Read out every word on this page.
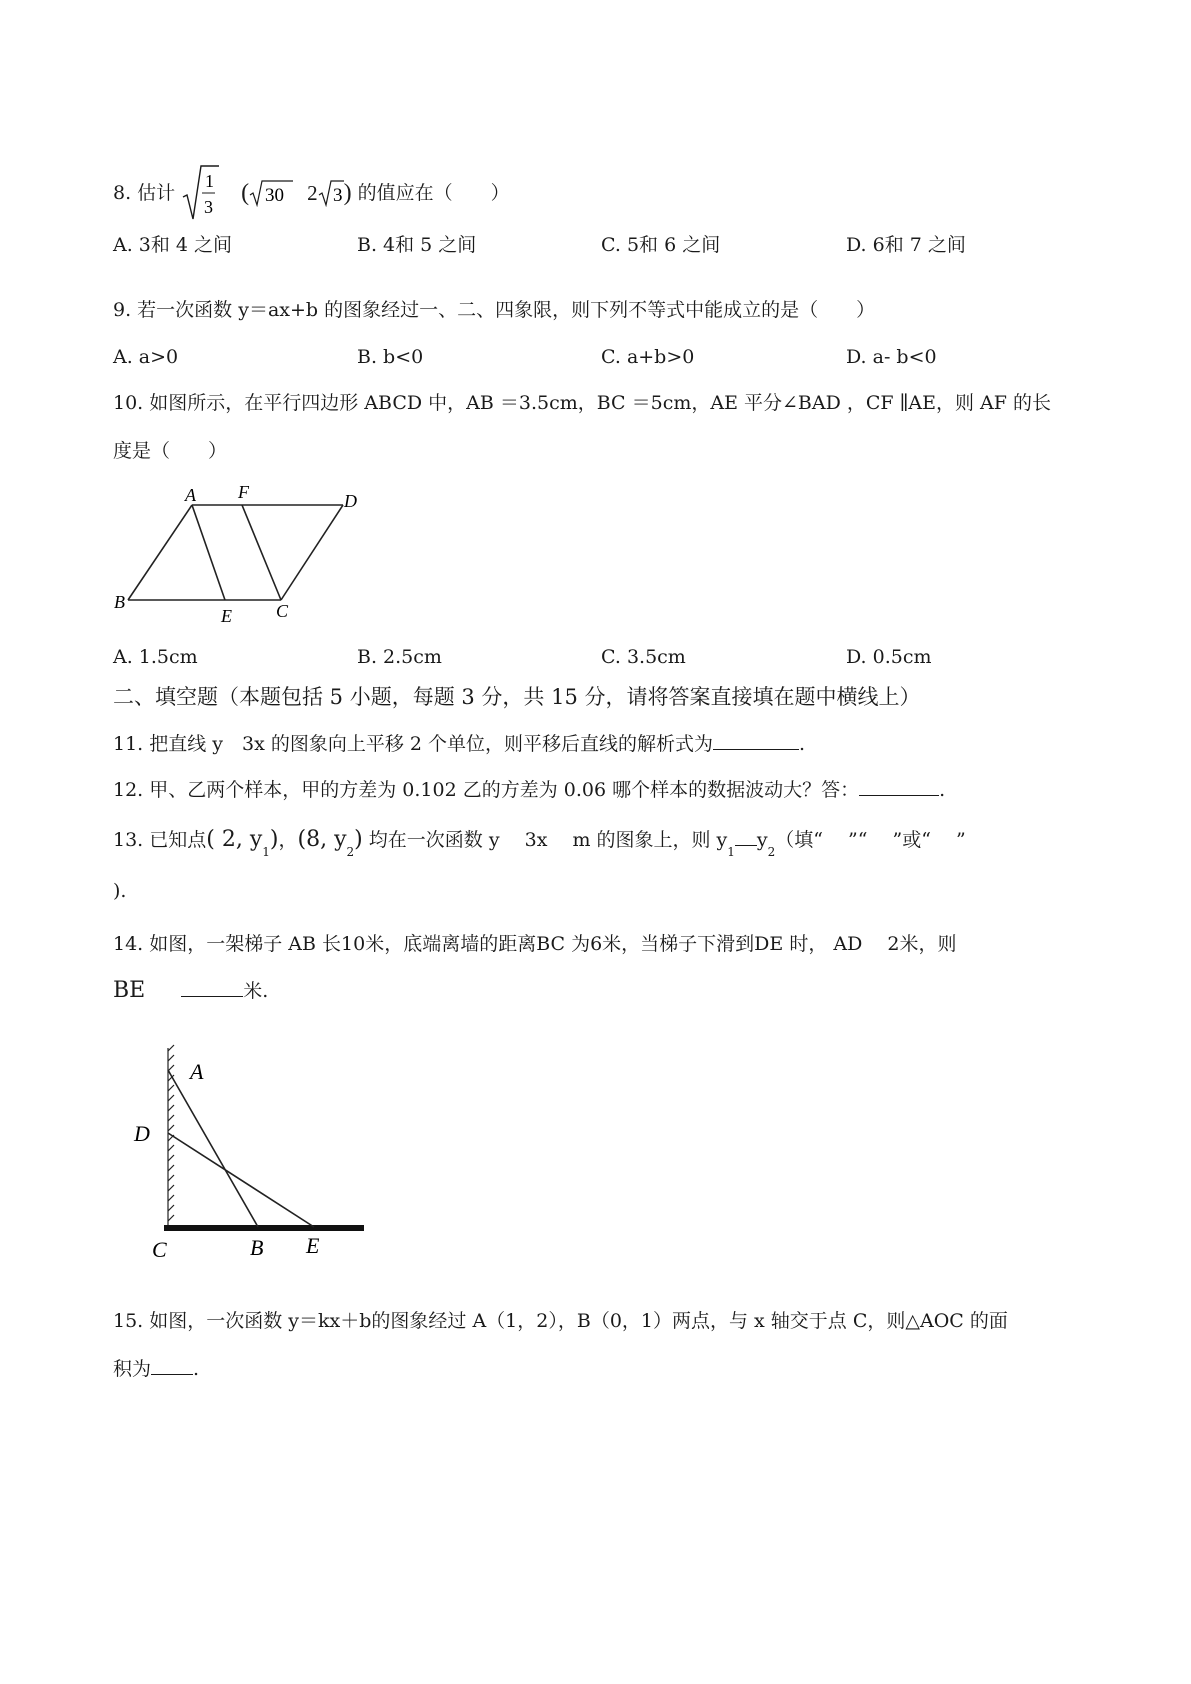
8. 估计
1
3
( 30 2 3 ) 的值应在（　　）
A. 3和 4 之间	B. 4和 5 之间	C. 5和 6 之间	D. 6和 7 之间
9. 若一次函数 y＝ax+b 的图象经过一、二、四象限，则下列不等式中能成立的是（　　）
A. a>0	B. b<0	C. a+b>0	D. a- b<0
10. 如图所示，在平行四边形 ABCD 中，AB ＝3.5cm，BC ＝5cm，AE 平分∠BAD ，CF ∥AE，则 AF 的长
度是（　　）
A F	D
B
E C
A. 1.5cm	B. 2.5cm	C. 3.5cm	D. 0.5cm
二、填空题（本题包括 5 小题，每题 3 分，共 15 分，请将答案直接填在题中横线上）
11. 把直线 y　3x 的图象向上平移 2 个单位，则平移后直线的解析式为	.
12. 甲、乙两个样本，甲的方差为 0.102 乙的方差为 0.06 哪个样本的数据波动大？答：	.
13. 已知点( 2, $y_1$)，(8, $y_2$) 均在一次函数 y　 3x　 m 的图象上，则 $y_1y_2$（填“　 ”“　 ”或“　 ”
).
14. 如图，一架梯子 AB 长10米，底端离墙的距离BC 为6米，当梯子下滑到DE 时， AD　 2米，则
BE	米.
A
D
C	B E
15. 如图，一次函数 y＝kx＋b的图象经过 A（1，2），B（0，1）两点，与 x 轴交于点 C，则△AOC 的面
积为 .
